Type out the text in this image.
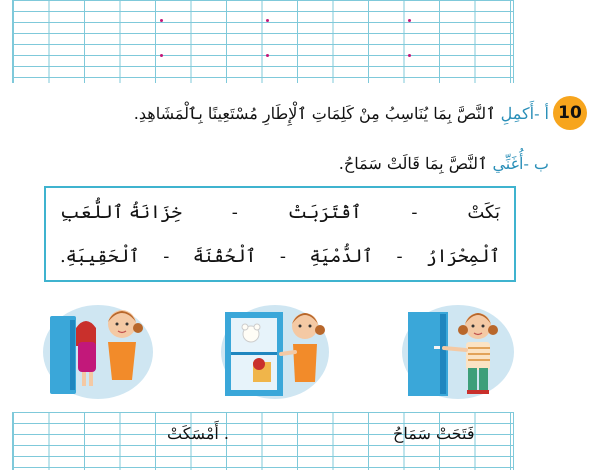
10
أ -أَكمِلِ ٱلنَّصَّ بِمَا يُنَاسِبُ مِنْ كَلِمَاتِ ٱلْإِطَارِ مُسْتَعِينًا بِٱلْمَشَاهِدِ.
ب -أُغَنِّي ٱلنَّصَّ بِمَا قَالَتْ سَمَاحُ.
بَكَتْ
-
ٱقْتَرَبَتْ
-
خِزَانَةُ ٱللُّعَبِ
ٱلْمِحْرَارُ
-
ٱلدُّمْيَةِ
-
ٱلْحُقْنَةَ
-
ٱلْحَقِيبَةِ.
فَتَحَتْ سَمَاحُ
. أَمْسَكَتْ
